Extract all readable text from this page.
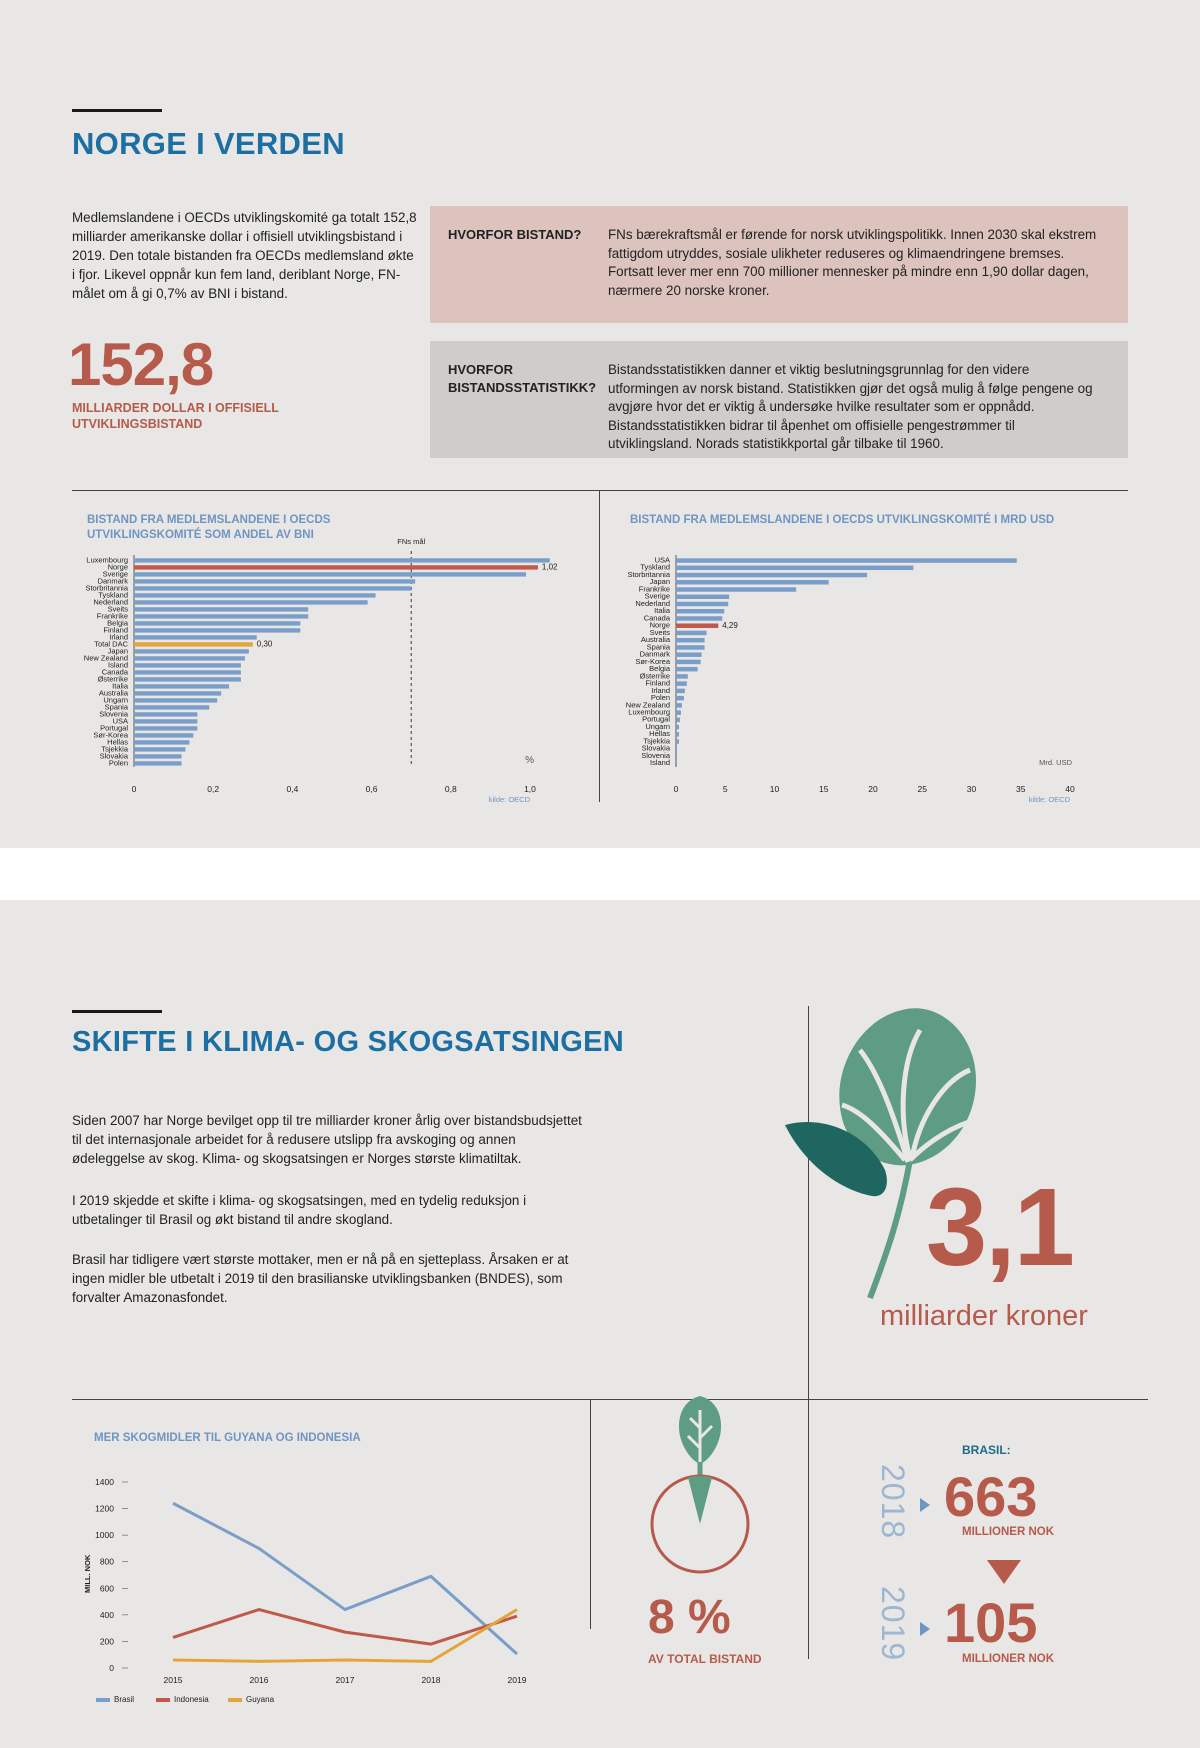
NORGE I VERDEN
Medlemslandene i OECDs utviklingskomité ga totalt 152,8 milliarder amerikanske dollar i offisiell utviklingsbistand i 2019. Den totale bistanden fra OECDs medlemsland økte i fjor. Likevel oppnår kun fem land, deriblant Norge, FN-målet om å gi 0,7% av BNI i bistand.
152,8
MILLIARDER DOLLAR I OFFISIELL UTVIKLINGSBISTAND
HVORFOR BISTAND?	FNs bærekraftsmål er førende for norsk utviklingspolitikk. Innen 2030 skal ekstrem fattigdom utryddes, sosiale ulikheter reduseres og klimaendringene bremses. Fortsatt lever mer enn 700 millioner mennesker på mindre enn 1,90 dollar dagen, nærmere 20 norske kroner.
HVORFOR BISTANDSSTATISTIKK?
Bistandsstatistikken danner et viktig beslutningsgrunnlag for den videre utformingen av norsk bistand. Statistikken gjør det også mulig å følge pengene og avgjøre hvor det er viktig å undersøke hvilke resultater som er oppnådd. Bistandsstatistikken bidrar til åpenhet om offisielle pengestrømmer til utviklingsland. Norads statistikkportal går tilbake til 1960.
BISTAND FRA MEDLEMSLANDENE I OECDS UTVIKLINGSKOMITÉ SOM ANDEL AV BNI
BISTAND FRA MEDLEMSLANDENE I OECDS UTVIKLINGSKOMITÉ I MRD USD
FNs mål
Luxembourg
Norge	1,02
Sverige
Danmark
Storbritannia
Tyskland
Nederland
Sveits
Frankrike
Belgia
Finland
Irland
Total DAC	0,30
Japan
New Zealand
Island
Canada
Østerrike
Italia
Australia
Ungarn
Spania
Slovenia
USA
Portugal
Sør-Korea
Hellas
Tsjekkia
Slovakia
Polen
0	0,2	0,4	0,6	0,8	1,0
%
kilde: OECD
USA
Tyskland
Storbritannia
Japan
Frankrike
Sverige
Nederland
Italia
Canada
Norge	4,29
Sveits
Australia
Spania
Danmark
Sør-Korea
Belgia
Østerrike
Finland
Irland
Polen
New Zealand
Luxembourg
Portugal
Ungarn
Hellas
Tsjekkia
Slovakia
Slovenia
Island
0	5	10	15	20	25	30	35	40
Mrd. USD
kilde: OECD
SKIFTE I KLIMA- OG SKOGSATSINGEN
Siden 2007 har Norge bevilget opp til tre milliarder kroner årlig over bistandsbudsjettet til det internasjonale arbeidet for å redusere utslipp fra avskoging og annen ødeleggelse av skog. Klima- og skogsatsingen er Norges største klimatiltak.
I 2019 skjedde et skifte i klima- og skogsatsingen, med en tydelig reduksjon i utbetalinger til Brasil og økt bistand til andre skogland.
Brasil har tidligere vært største mottaker, men er nå på en sjetteplass. Årsaken er at ingen midler ble utbetalt i 2019 til den brasilianske utviklingsbanken (BNDES), som forvalter Amazonasfondet.
3,1
milliarder kroner
MER SKOGMIDLER TIL GUYANA OG INDONESIA
0
200
400
600
800
1000
1200
1400
MILL. NOK
2015	2016	2017	2018	2019
Brasil	Indonesia	Guyana
8 %
AV TOTAL BISTAND
BRASIL:
2018 663
MILLIONER NOK
2019 105
MILLIONER NOK
